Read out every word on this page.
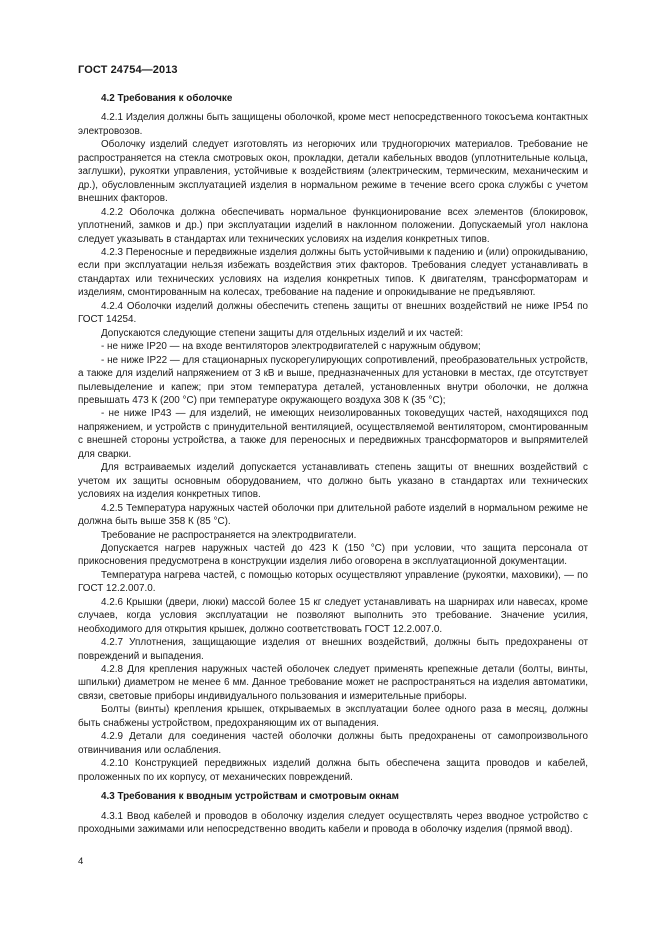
ГОСТ 24754—2013
4.2 Требования к оболочке

4.2.1 Изделия должны быть защищены оболочкой, кроме мест непосредственного токосъема контактных электровозов.

Оболочку изделий следует изготовлять из негорючих или трудногорючих материалов. Требование не распространяется на стекла смотровых окон, прокладки, детали кабельных вводов (уплотнительные кольца, заглушки), рукоятки управления, устойчивые к воздействиям (электрическим, термическим, механическим и др.), обусловленным эксплуатацией изделия в нормальном режиме в течение всего срока службы с учетом внешних факторов.

4.2.2 Оболочка должна обеспечивать нормальное функционирование всех элементов (блокировок, уплотнений, замков и др.) при эксплуатации изделий в наклонном положении. Допускаемый угол наклона следует указывать в стандартах или технических условиях на изделия конкретных типов.

4.2.3 Переносные и передвижные изделия должны быть устойчивыми к падению и (или) опрокидыванию, если при эксплуатации нельзя избежать воздействия этих факторов. Требования следует устанавливать в стандартах или технических условиях на изделия конкретных типов. К двигателям, трансформаторам и изделиям, смонтированным на колесах, требование на падение и опрокидывание не предъявляют.

4.2.4 Оболочки изделий должны обеспечить степень защиты от внешних воздействий не ниже IP54 по ГОСТ 14254.

Допускаются следующие степени защиты для отдельных изделий и их частей:

- не ниже IP20 — на входе вентиляторов электродвигателей с наружным обдувом;

- не ниже IP22 — для стационарных пускорегулирующих сопротивлений, преобразовательных устройств, а также для изделий напряжением от 3 кВ и выше, предназначенных для установки в местах, где отсутствует пылевыделение и капеж; при этом температура деталей, установленных внутри оболочки, не должна превышать 473 К (200 °С) при температуре окружающего воздуха 308 К (35 °С);

- не ниже IP43 — для изделий, не имеющих неизолированных токоведущих частей, находящихся под напряжением, и устройств с принудительной вентиляцией, осуществляемой вентилятором, смонтированным с внешней стороны устройства, а также для переносных и передвижных трансформаторов и выпрямителей для сварки.

Для встраиваемых изделий допускается устанавливать степень защиты от внешних воздействий с учетом их защиты основным оборудованием, что должно быть указано в стандартах или технических условиях на изделия конкретных типов.

4.2.5 Температура наружных частей оболочки при длительной работе изделий в нормальном режиме не должна быть выше 358 К (85 °С).

Требование не распространяется на электродвигатели.

Допускается нагрев наружных частей до 423 К (150 °С) при условии, что защита персонала от прикосновения предусмотрена в конструкции изделия либо оговорена в эксплуатационной документации.

Температура нагрева частей, с помощью которых осуществляют управление (рукоятки, маховики), — по ГОСТ 12.2.007.0.

4.2.6 Крышки (двери, люки) массой более 15 кг следует устанавливать на шарнирах или навесах, кроме случаев, когда условия эксплуатации не позволяют выполнить это требование. Значение усилия, необходимого для открытия крышек, должно соответствовать ГОСТ 12.2.007.0.

4.2.7 Уплотнения, защищающие изделия от внешних воздействий, должны быть предохранены от повреждений и выпадения.

4.2.8 Для крепления наружных частей оболочек следует применять крепежные детали (болты, винты, шпильки) диаметром не менее 6 мм. Данное требование может не распространяться на изделия автоматики, связи, световые приборы индивидуального пользования и измерительные приборы.

Болты (винты) крепления крышек, открываемых в эксплуатации более одного раза в месяц, должны быть снабжены устройством, предохраняющим их от выпадения.

4.2.9 Детали для соединения частей оболочки должны быть предохранены от самопроизвольного отвинчивания или ослабления.

4.2.10 Конструкцией передвижных изделий должна быть обеспечена защита проводов и кабелей, проложенных по их корпусу, от механических повреждений.

4.3 Требования к вводным устройствам и смотровым окнам

4.3.1 Ввод кабелей и проводов в оболочку изделия следует осуществлять через вводное устройство с проходными зажимами или непосредственно вводить кабели и провода в оболочку изделия (прямой ввод).

4
